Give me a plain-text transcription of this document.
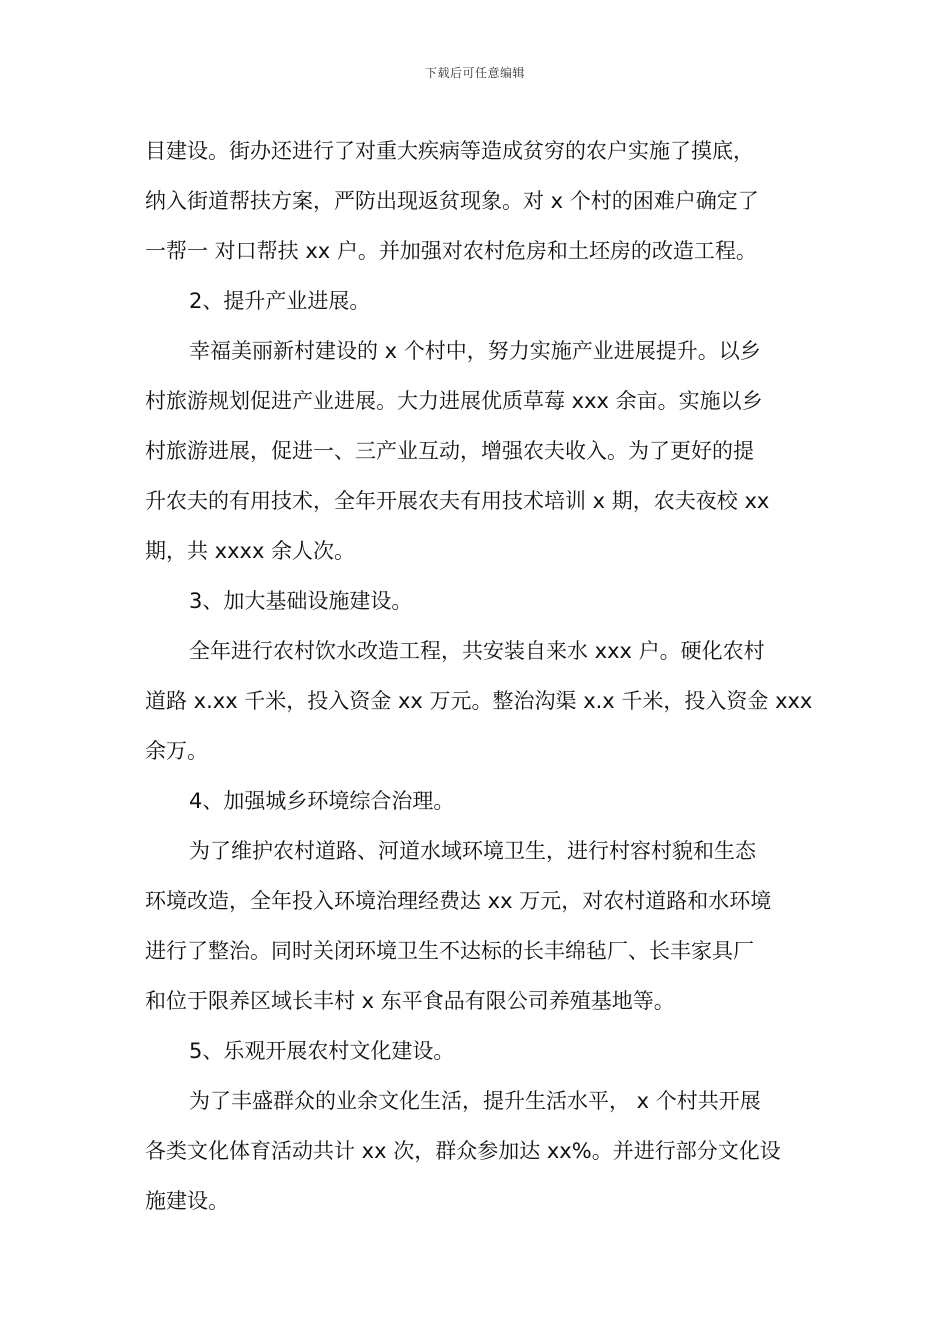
下载后可任意编辑
目建设。街办还进行了对重大疾病等造成贫穷的农户实施了摸底，
纳入街道帮扶方案，严防出现返贫现象。对 x 个村的困难户确定了
一帮一 对口帮扶 xx 户。并加强对农村危房和土坯房的改造工程。
2、提升产业进展。
幸福美丽新村建设的 x 个村中，努力实施产业进展提升。以乡
村旅游规划促进产业进展。大力进展优质草莓 xxx 余亩。实施以乡
村旅游进展，促进一、三产业互动，增强农夫收入。为了更好的提
升农夫的有用技术，全年开展农夫有用技术培训 x 期，农夫夜校 xx
期，共 xxxx 余人次。
3、加大基础设施建设。
全年进行农村饮水改造工程，共安装自来水 xxx 户。硬化农村
道路 x.xx 千米，投入资金 xx 万元。整治沟渠 x.x 千米，投入资金 xxx
余万。
4、加强城乡环境综合治理。
为了维护农村道路、河道水域环境卫生，进行村容村貌和生态
环境改造，全年投入环境治理经费达 xx 万元，对农村道路和水环境
进行了整治。同时关闭环境卫生不达标的长丰绵毡厂、长丰家具厂
和位于限养区域长丰村 x 东平食品有限公司养殖基地等。
5、乐观开展农村文化建设。
为了丰盛群众的业余文化生活，提升生活水平， x 个村共开展
各类文化体育活动共计 xx 次，群众参加达 xx%。并进行部分文化设
施建设。
